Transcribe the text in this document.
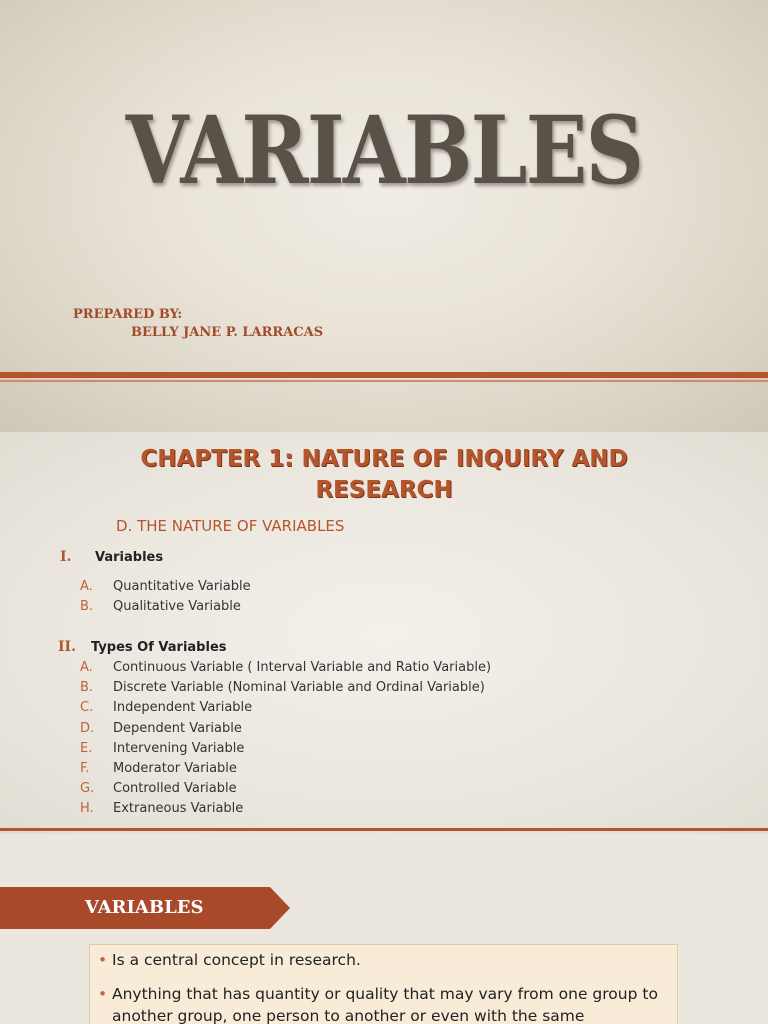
VARIABLES
PREPARED BY:
BELLY JANE P. LARRACAS
CHAPTER 1: NATURE OF INQUIRY AND RESEARCH
D. THE NATURE OF VARIABLES
I. Variables
A. Quantitative Variable
B. Qualitative Variable
II. Types Of Variables
A. Continuous Variable ( Interval Variable and Ratio Variable)
B. Discrete Variable (Nominal Variable and Ordinal Variable)
C. Independent Variable
D. Dependent Variable
E. Intervening Variable
F. Moderator Variable
G. Controlled Variable
H. Extraneous Variable
VARIABLES
• Is a central concept in research.
• Anything that has quantity or quality that may vary from one group to another group, one person to another or even with the same
